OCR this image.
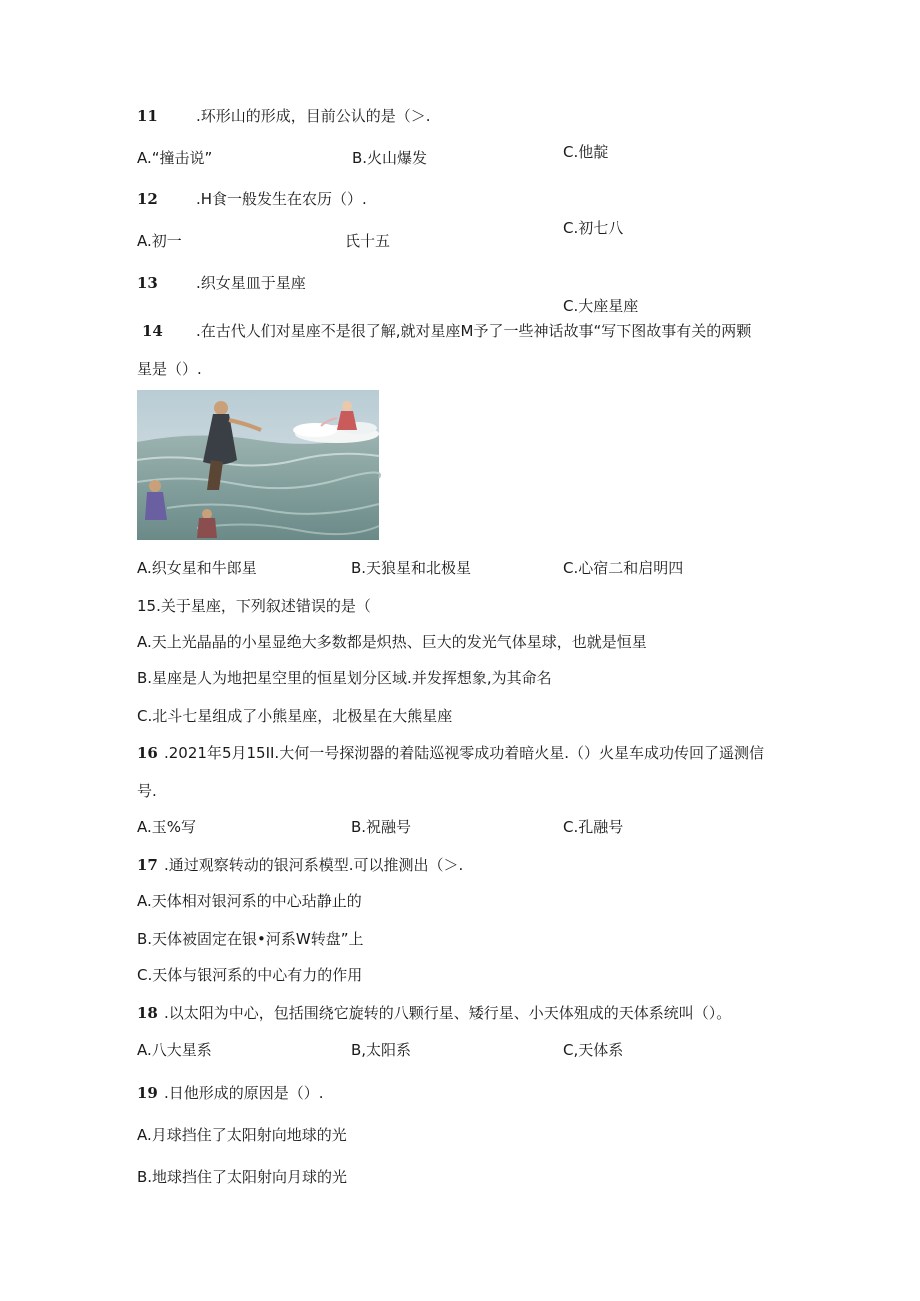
11	.环形山的形成，目前公认的是（＞.
A.“撞击说”	B.火山爆发	C.他靛
12	.H食一般发生在农历（）.
A.初一	氏十五
C.初七八
13	.织女星皿于星座
C.大座星座
14 .在古代人们对星座不是很了解,就对星座M予了一些神话故事“写下图故事有关的两颗
星是（）.
A.织女星和牛郎星	B.天狼星和北极星	C.心宿二和启明四
15.关于星座，下列叙述错误的是（
A.天上光晶晶的小星显绝大多数都是炽热、巨大的发光气体星球，也就是恒星
B.星座是人为地把星空里的恒星划分区域.并发挥想象,为其命名
C.北斗七星组成了小熊星座，北极星在大熊星座
16 .2021年5月15II.大何一号探沏器的着陆巡视零成功着暗火星.（）火星车成功传回了遥测信
号.
A.玉%写	B.祝融号	C.孔融号
17 .通过观察转动的银河系模型.可以推测出（＞.
A.天体相对银河系的中心玷静止的
B.天体被固定在银•河系W转盘”上
C.天体与银河系的中心有力的作用
18 .以太阳为中心，包括围绕它旋转的八颗行星、矮行星、小天体殂成的天体系统叫（）。
A.八大星系	B,太阳系	C,天体系
19 .日他形成的原因是（）.
A.月球挡住了太阳射向地球的光
B.地球挡住了太阳射向月球的光
